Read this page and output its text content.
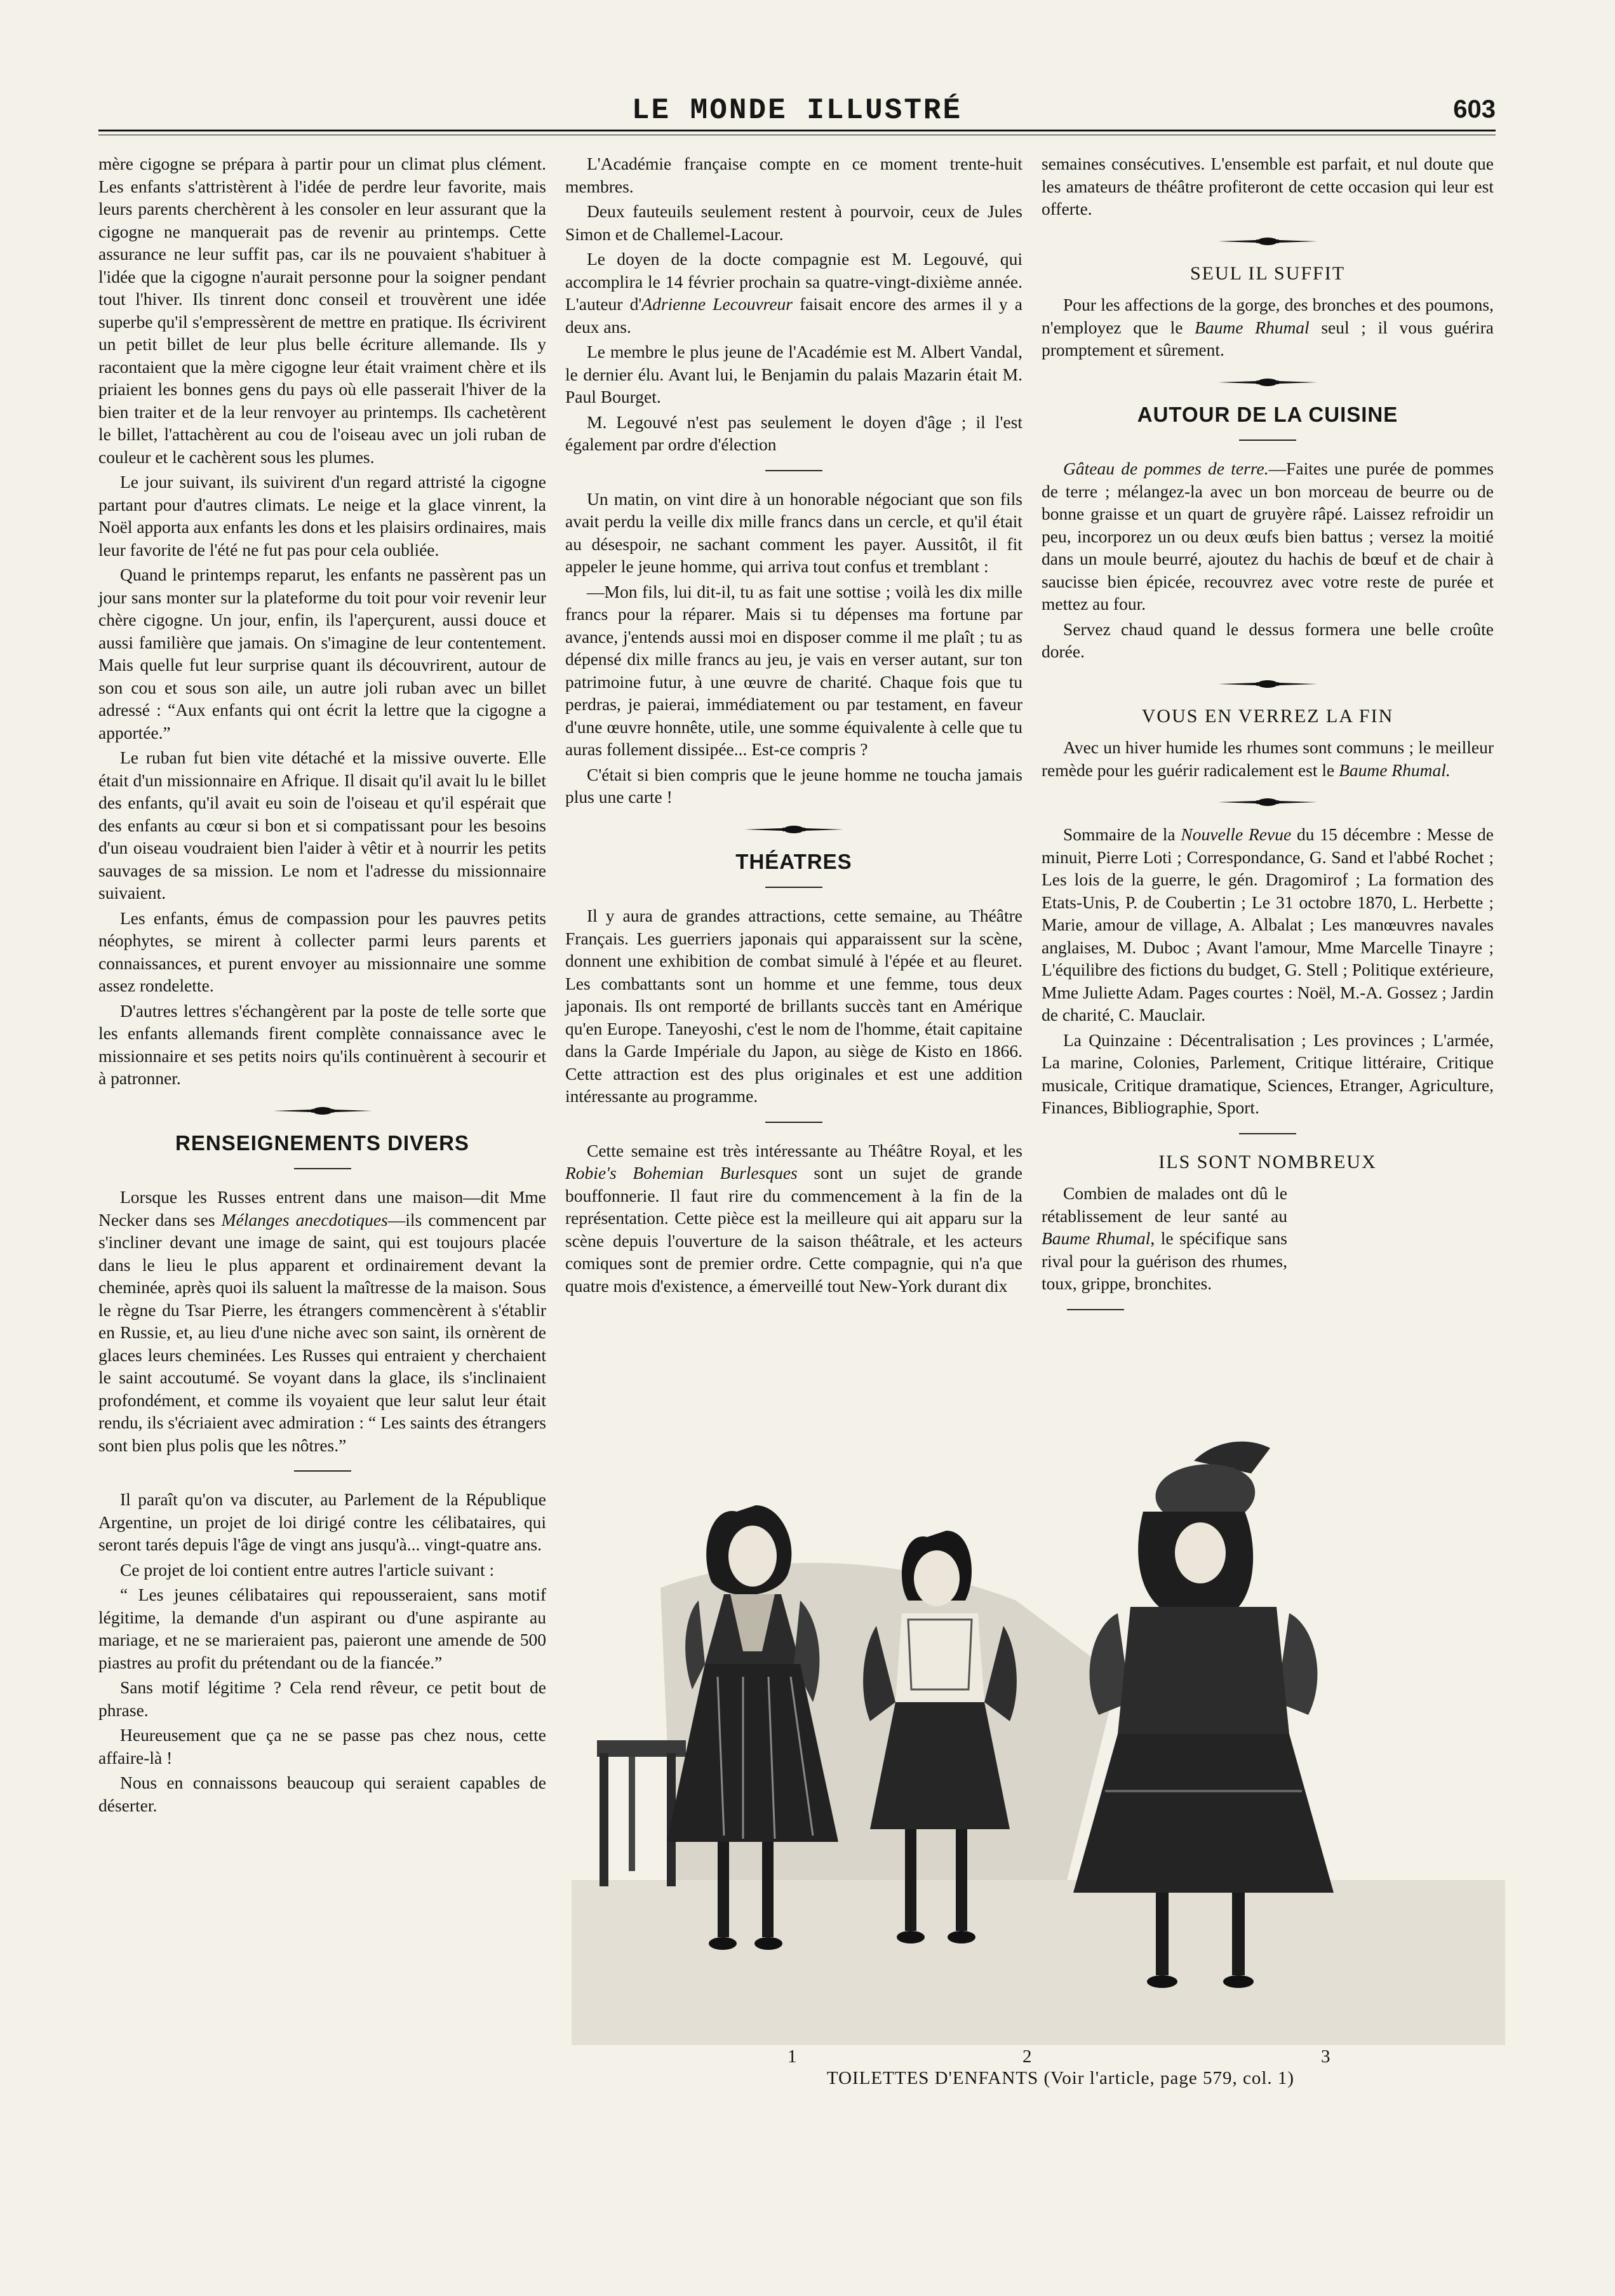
LE MONDE ILLUSTRÉ	603

mère cigogne se prépara à partir pour un climat plus clément. Les enfants s'attristèrent à l'idée de perdre leur favorite, mais leurs parents cherchèrent à les consoler en leur assurant que la cigogne ne manquerait pas de revenir au printemps. Cette assurance ne leur suffit pas, car ils ne pouvaient s'habituer à l'idée que la cigogne n'aurait personne pour la soigner pendant tout l'hiver. Ils tinrent donc conseil et trouvèrent une idée superbe qu'il s'empressèrent de mettre en pratique. Ils écrivirent un petit billet de leur plus belle écriture allemande. Ils y racontaient que la mère cigogne leur était vraiment chère et ils priaient les bonnes gens du pays où elle passerait l'hiver de la bien traiter et de la leur renvoyer au printemps. Ils cachetèrent le billet, l'attachèrent au cou de l'oiseau avec un joli ruban de couleur et le cachèrent sous les plumes.

Le jour suivant, ils suivirent d'un regard attristé la cigogne partant pour d'autres climats. Le neige et la glace vinrent, la Noël apporta aux enfants les dons et les plaisirs ordinaires, mais leur favorite de l'été ne fut pas pour cela oubliée.

Quand le printemps reparut, les enfants ne passèrent pas un jour sans monter sur la plateforme du toit pour voir revenir leur chère cigogne. Un jour, enfin, ils l'aperçurent, aussi douce et aussi familière que jamais. On s'imagine de leur contentement. Mais quelle fut leur surprise quant ils découvrirent, autour de son cou et sous son aile, un autre joli ruban avec un billet adressé : “Aux enfants qui ont écrit la lettre que la cigogne a apportée.”

Le ruban fut bien vite détaché et la missive ouverte. Elle était d'un missionnaire en Afrique. Il disait qu'il avait lu le billet des enfants, qu'il avait eu soin de l'oiseau et qu'il espérait que des enfants au cœur si bon et si compatissant pour les besoins d'un oiseau voudraient bien l'aider à vêtir et à nourrir les petits sauvages de sa mission. Le nom et l'adresse du missionnaire suivaient.

Les enfants, émus de compassion pour les pauvres petits néophytes, se mirent à collecter parmi leurs parents et connaissances, et purent envoyer au missionnaire une somme assez rondelette.

D'autres lettres s'échangèrent par la poste de telle sorte que les enfants allemands firent complète connaissance avec le missionnaire et ses petits noirs qu'ils continuèrent à secourir et à patronner.

RENSEIGNEMENTS DIVERS

Lorsque les Russes entrent dans une maison—dit Mme Necker dans ses Mélanges anecdotiques—ils commencent par s'incliner devant une image de saint, qui est toujours placée dans le lieu le plus apparent et ordinairement devant la cheminée, après quoi ils saluent la maîtresse de la maison. Sous le règne du Tsar Pierre, les étrangers commencèrent à s'établir en Russie, et, au lieu d'une niche avec son saint, ils ornèrent de glaces leurs cheminées. Les Russes qui entraient y cherchaient le saint accoutumé. Se voyant dans la glace, ils s'inclinaient profondément, et comme ils voyaient que leur salut leur était rendu, ils s'écriaient avec admiration : “ Les saints des étrangers sont bien plus polis que les nôtres.”

Il paraît qu'on va discuter, au Parlement de la République Argentine, un projet de loi dirigé contre les célibataires, qui seront tarés depuis l'âge de vingt ans jusqu'à... vingt-quatre ans.

Ce projet de loi contient entre autres l'article suivant :

“ Les jeunes célibataires qui repousseraient, sans motif légitime, la demande d'un aspirant ou d'une aspirante au mariage, et ne se marieraient pas, paieront une amende de 500 piastres au profit du prétendant ou de la fiancée.”

Sans motif légitime ? Cela rend rêveur, ce petit bout de phrase.

Heureusement que ça ne se passe pas chez nous, cette affaire-là !

Nous en connaissons beaucoup qui seraient capables de déserter.

L'Académie française compte en ce moment trente-huit membres.

Deux fauteuils seulement restent à pourvoir, ceux de Jules Simon et de Challemel-Lacour.

Le doyen de la docte compagnie est M. Legouvé, qui accomplira le 14 février prochain sa quatre-vingt-dixième année. L'auteur d'Adrienne Lecouvreur faisait encore des armes il y a deux ans.

Le membre le plus jeune de l'Académie est M. Albert Vandal, le dernier élu. Avant lui, le Benjamin du palais Mazarin était M. Paul Bourget.

M. Legouvé n'est pas seulement le doyen d'âge ; il l'est également par ordre d'élection

Un matin, on vint dire à un honorable négociant que son fils avait perdu la veille dix mille francs dans un cercle, et qu'il était au désespoir, ne sachant comment les payer. Aussitôt, il fit appeler le jeune homme, qui arriva tout confus et tremblant :

—Mon fils, lui dit-il, tu as fait une sottise ; voilà les dix mille francs pour la réparer. Mais si tu dépenses ma fortune par avance, j'entends aussi moi en disposer comme il me plaît ; tu as dépensé dix mille francs au jeu, je vais en verser autant, sur ton patrimoine futur, à une œuvre de charité. Chaque fois que tu perdras, je paierai, immédiatement ou par testament, en faveur d'une œuvre honnête, utile, une somme équivalente à celle que tu auras follement dissipée... Est-ce compris ?

C'était si bien compris que le jeune homme ne toucha jamais plus une carte !

THÉATRES

Il y aura de grandes attractions, cette semaine, au Théâtre Français. Les guerriers japonais qui apparaissent sur la scène, donnent une exhibition de combat simulé à l'épée et au fleuret. Les combattants sont un homme et une femme, tous deux japonais. Ils ont remporté de brillants succès tant en Amérique qu'en Europe. Taneyoshi, c'est le nom de l'homme, était capitaine dans la Garde Impériale du Japon, au siège de Kisto en 1866. Cette attraction est des plus originales et est une addition intéressante au programme.

Cette semaine est très intéressante au Théâtre Royal, et les Robie's Bohemian Burlesques sont un sujet de grande bouffonnerie. Il faut rire du commencement à la fin de la représentation. Cette pièce est la meilleure qui ait apparu sur la scène depuis l'ouverture de la saison théâtrale, et les acteurs comiques sont de premier ordre. Cette compagnie, qui n'a que quatre mois d'existence, a émerveillé tout New-York durant dix

semaines consécutives. L'ensemble est parfait, et nul doute que les amateurs de théâtre profiteront de cette occasion qui leur est offerte.

SEUL IL SUFFIT

Pour les affections de la gorge, des bronches et des poumons, n'employez que le Baume Rhumal seul ; il vous guérira promptement et sûrement.

AUTOUR DE LA CUISINE

Gâteau de pommes de terre.—Faites une purée de pommes de terre ; mélangez-la avec un bon morceau de beurre ou de bonne graisse et un quart de gruyère râpé. Laissez refroidir un peu, incorporez un ou deux œufs bien battus ; versez la moitié dans un moule beurré, ajoutez du hachis de bœuf et de chair à saucisse bien épicée, recouvrez avec votre reste de purée et mettez au four.

Servez chaud quand le dessus formera une belle croûte dorée.

VOUS EN VERREZ LA FIN

Avec un hiver humide les rhumes sont communs ; le meilleur remède pour les guérir radicalement est le Baume Rhumal.

Sommaire de la Nouvelle Revue du 15 décembre : Messe de minuit, Pierre Loti ; Correspondance, G. Sand et l'abbé Rochet ; Les lois de la guerre, le gén. Dragomirof ; La formation des Etats-Unis, P. de Coubertin ; Le 31 octobre 1870, L. Herbette ; Marie, amour de village, A. Albalat ; Les manœuvres navales anglaises, M. Duboc ; Avant l'amour, Mme Marcelle Tinayre ; L'équilibre des fictions du budget, G. Stell ; Politique extérieure, Mme Juliette Adam. Pages courtes : Noël, M.-A. Gossez ; Jardin de charité, C. Mauclair.

La Quinzaine : Décentralisation ; Les provinces ; L'armée, La marine, Colonies, Parlement, Critique littéraire, Critique musicale, Critique dramatique, Sciences, Etranger, Agriculture, Finances, Bibliographie, Sport.

ILS SONT NOMBREUX

Combien de malades ont dû le rétablissement de leur santé au Baume Rhumal, le spécifique sans rival pour la guérison des rhumes, toux, grippe, bronchites.

1	2	3
TOILETTES D'ENFANTS (Voir l'article, page 579, col. 1)
